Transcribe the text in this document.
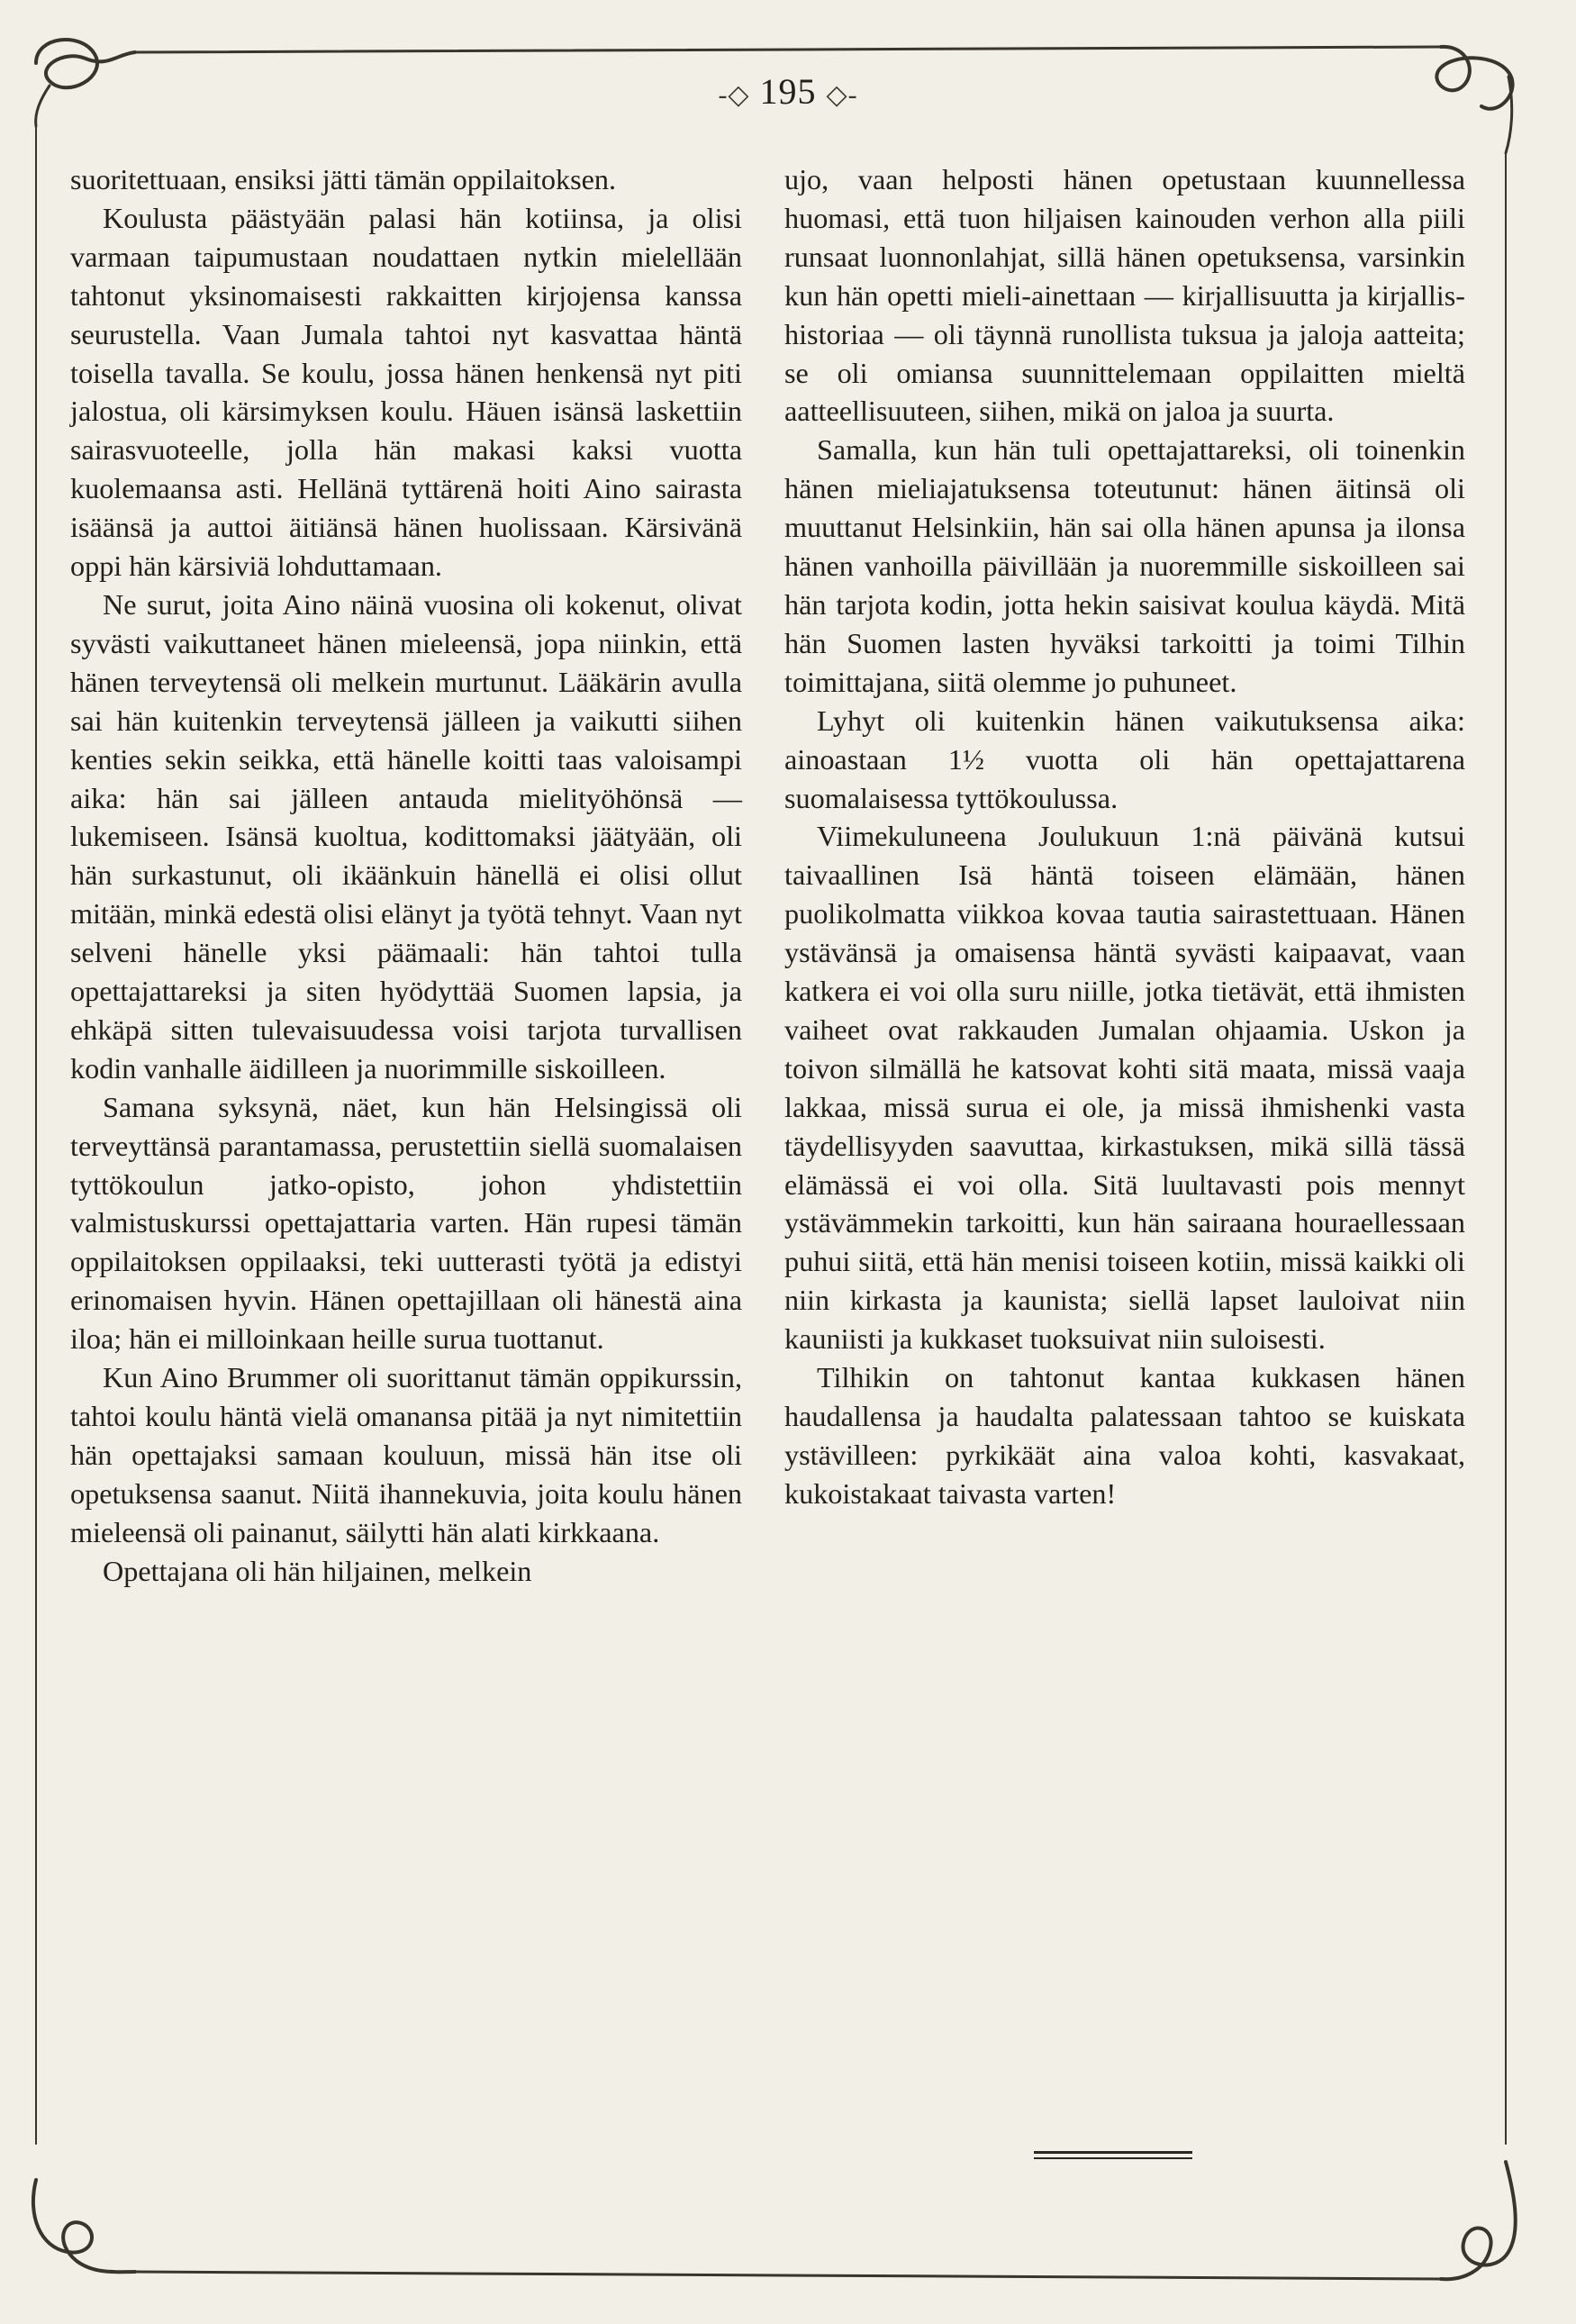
-◇ 195 ◇-

suoritettuaan, ensiksi jätti tämän oppilaitoksen.

Koulusta päästyään palasi hän kotiinsa, ja olisi varmaan taipumustaan noudattaen nytkin mielellään tahtonut yksinomaisesti rakkaitten kirjojensa kanssa seurustella. Vaan Jumala tahtoi nyt kasvattaa häntä toisella tavalla. Se koulu, jossa hänen henkensä nyt piti jalostua, oli kärsimyksen koulu. Häuen isänsä laskettiin sairasvuoteelle, jolla hän makasi kaksi vuotta kuolemaansa asti. Hellänä tyttärenä hoiti Aino sairasta isäänsä ja auttoi äitiänsä hänen huolissaan. Kärsivänä oppi hän kärsiviä lohduttamaan.

Ne surut, joita Aino näinä vuosina oli kokenut, olivat syvästi vaikuttaneet hänen mieleensä, jopa niinkin, että hänen terveytensä oli melkein murtunut. Lääkärin avulla sai hän kuitenkin terveytensä jälleen ja vaikutti siihen kenties sekin seikka, että hänelle koitti taas valoisampi aika: hän sai jälleen antauda mielityöhönsä — lukemiseen. Isänsä kuoltua, kodittomaksi jäätyään, oli hän surkastunut, oli ikäänkuin hänellä ei olisi ollut mitään, minkä edestä olisi elänyt ja työtä tehnyt. Vaan nyt selveni hänelle yksi päämaali: hän tahtoi tulla opettajattareksi ja siten hyödyttää Suomen lapsia, ja ehkäpä sitten tulevaisuudessa voisi tarjota turvallisen kodin vanhalle äidilleen ja nuorimmille siskoilleen.

Samana syksynä, näet, kun hän Helsingissä oli terveyttänsä parantamassa, perustettiin siellä suomalaisen tyttökoulun jatko-opisto, johon yhdistettiin valmistuskurssi opettajattaria varten. Hän rupesi tämän oppilaitoksen oppilaaksi, teki uutterasti työtä ja edistyi erinomaisen hyvin. Hänen opettajillaan oli hänestä aina iloa; hän ei milloinkaan heille surua tuottanut.

Kun Aino Brummer oli suorittanut tämän oppikurssin, tahtoi koulu häntä vielä omanansa pitää ja nyt nimitettiin hän opettajaksi samaan kouluun, missä hän itse oli opetuksensa saanut. Niitä ihannekuvia, joita koulu hänen mieleensä oli painanut, säilytti hän alati kirkkaana.

Opettajana oli hän hiljainen, melkein

ujo, vaan helposti hänen opetustaan kuunnellessa huomasi, että tuon hiljaisen kainouden verhon alla piili runsaat luonnonlahjat, sillä hänen opetuksensa, varsinkin kun hän opetti mieli-ainettaan — kirjallisuutta ja kirjallis-historiaa — oli täynnä runollista tuksua ja jaloja aatteita; se oli omiansa suunnittelemaan oppilaitten mieltä aatteellisuuteen, siihen, mikä on jaloa ja suurta.

Samalla, kun hän tuli opettajattareksi, oli toinenkin hänen mieliajatuksensa toteutunut: hänen äitinsä oli muuttanut Helsinkiin, hän sai olla hänen apunsa ja ilonsa hänen vanhoilla päivillään ja nuoremmille siskoilleen sai hän tarjota kodin, jotta hekin saisivat koulua käydä. Mitä hän Suomen lasten hyväksi tarkoitti ja toimi Tilhin toimittajana, siitä olemme jo puhuneet.

Lyhyt oli kuitenkin hänen vaikutuksensa aika: ainoastaan 1½ vuotta oli hän opettajattarena suomalaisessa tyttökoulussa.

Viimekuluneena Joulukuun 1:nä päivänä kutsui taivaallinen Isä häntä toiseen elämään, hänen puolikolmatta viikkoa kovaa tautia sairastettuaan. Hänen ystävänsä ja omaisensa häntä syvästi kaipaavat, vaan katkera ei voi olla suru niille, jotka tietävät, että ihmisten vaiheet ovat rakkauden Jumalan ohjaamia. Uskon ja toivon silmällä he katsovat kohti sitä maata, missä vaaja lakkaa, missä surua ei ole, ja missä ihmishenki vasta täydellisyyden saavuttaa, kirkastuksen, mikä sillä tässä elämässä ei voi olla. Sitä luultavasti pois mennyt ystävämmekin tarkoitti, kun hän sairaana houraellessaan puhui siitä, että hän menisi toiseen kotiin, missä kaikki oli niin kirkasta ja kaunista; siellä lapset lauloivat niin kauniisti ja kukkaset tuoksuivat niin suloisesti.

Tilhikin on tahtonut kantaa kukkasen hänen haudallensa ja haudalta palatessaan tahtoo se kuiskata ystävilleen: pyrkikäät aina valoa kohti, kasvakaat, kukoistakaat taivasta varten!
